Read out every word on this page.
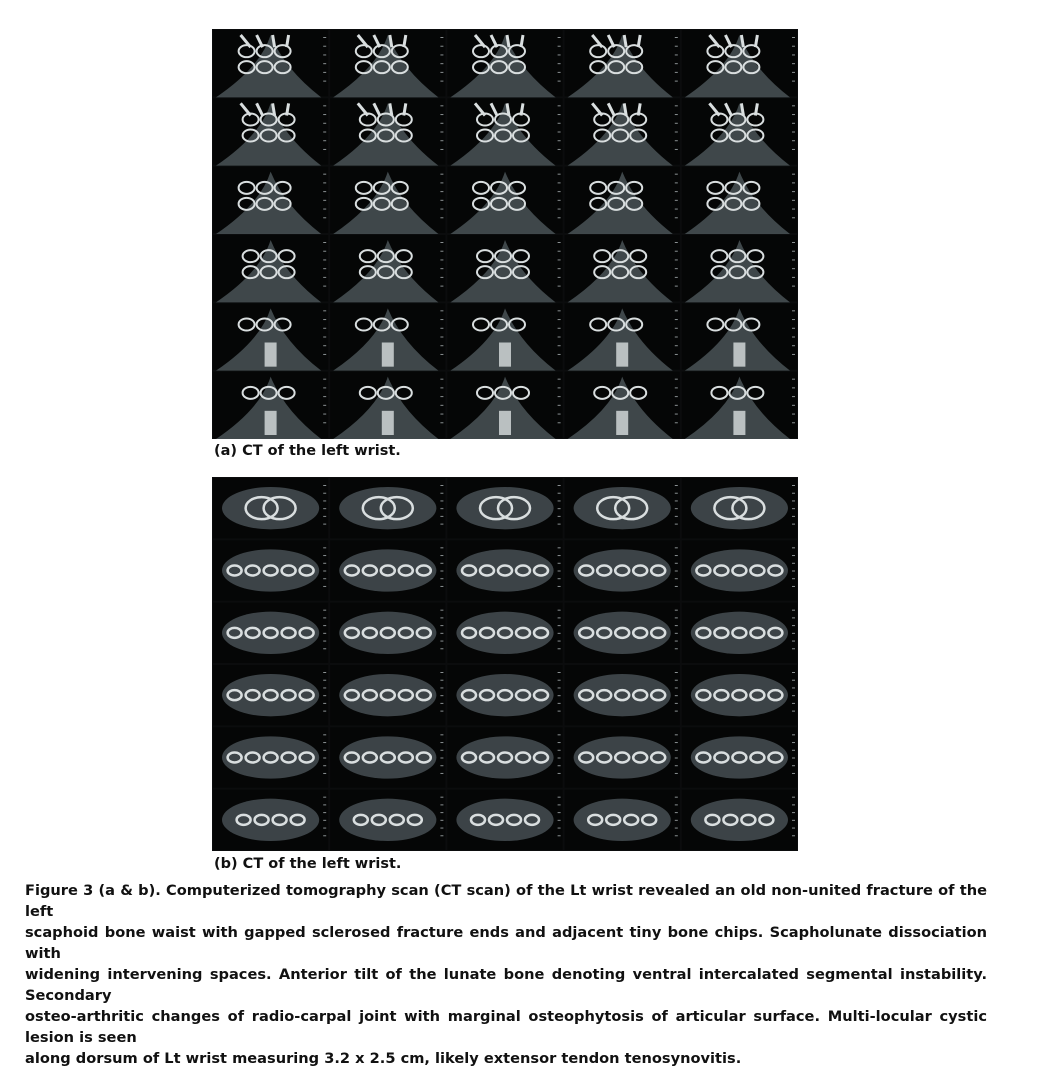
(a) CT of the left wrist.
(b) CT of the left wrist.
Figure 3 (a & b). Computerized tomography scan (CT scan) of the Lt wrist revealed an old non-united fracture of the left
scaphoid bone waist with gapped sclerosed fracture ends and adjacent tiny bone chips. Scapholunate dissociation with
widening intervening spaces. Anterior tilt of the lunate bone denoting ventral intercalated segmental instability. Secondary
osteo-arthritic changes of radio-carpal joint with marginal osteophytosis of articular surface. Multi-locular cystic lesion is seen
along dorsum of Lt wrist measuring 3.2 x 2.5 cm, likely extensor tendon tenosynovitis.
